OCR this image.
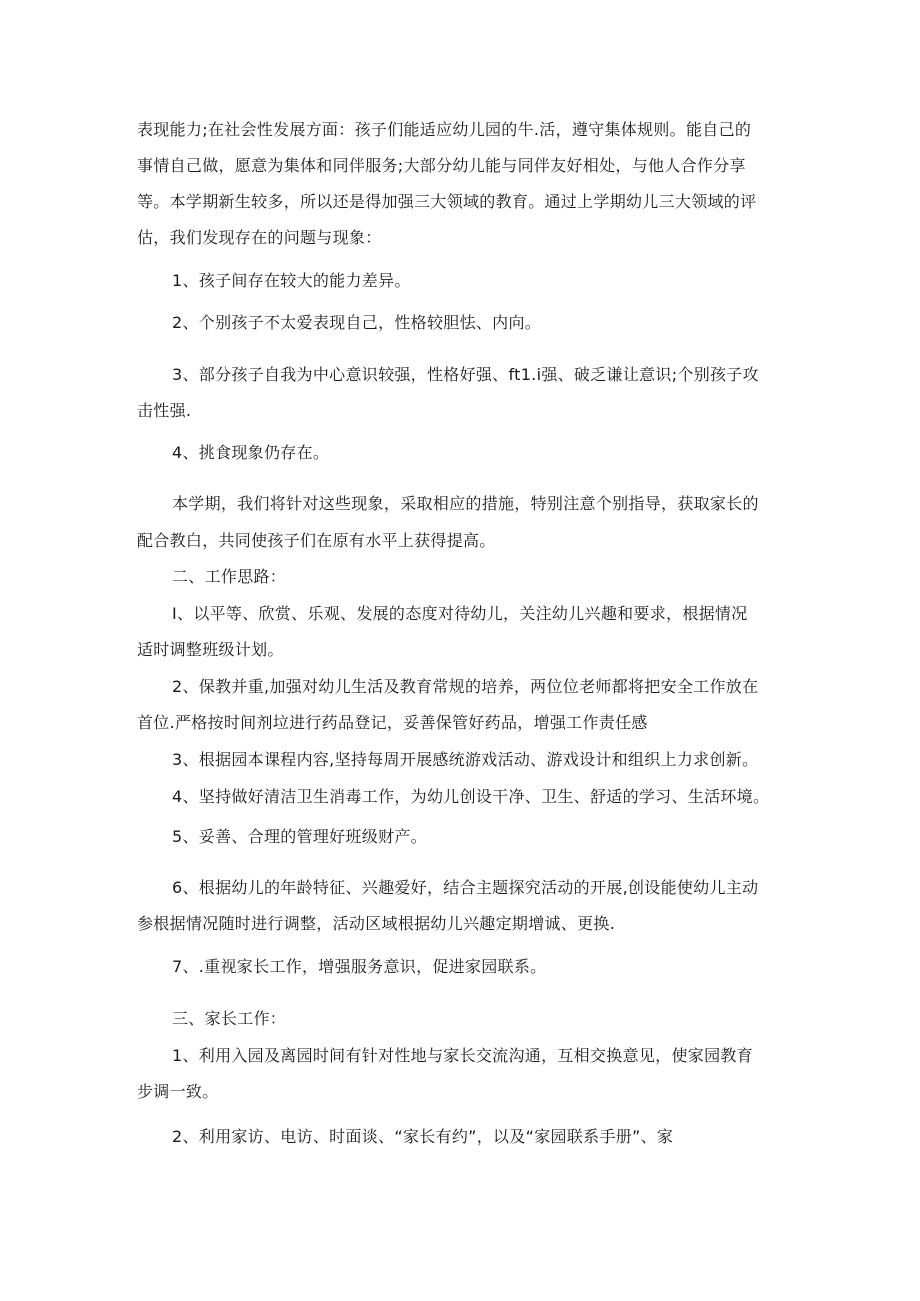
表现能力;在社会性发展方面：孩子们能适应幼儿园的牛.活，遵守集体规则。能自己的
事情自己做，愿意为集体和同伴服务;大部分幼儿能与同伴友好相处，与他人合作分享
等。本学期新生较多，所以还是得加强三大领域的教育。通过上学期幼儿三大领域的评
估，我们发现存在的问题与现象：
1、孩子间存在较大的能力差异。
2、个别孩子不太爱表现自己，性格较胆怯、内向。
3、部分孩子自我为中心意识较强，性格好强、ft1.i强、破乏谦让意识;个别孩子攻
击性强.
4、挑食现象仍存在。
本学期，我们将针对这些现象，采取相应的措施，特别注意个别指导，获取家长的
配合教白，共同使孩子们在原有水平上获得提高。
二、工作思路：
I、以平等、欣赏、乐观、发展的态度对待幼儿，关注幼儿兴趣和要求，根据情况
适时调整班级计划。
2、保教并重,加强对幼儿生活及教育常规的培养，两位位老师都将把安全工作放在
首位.严格按时间剂垃进行药品登记，妥善保管好药品，增强工作责任感
3、根据园本课程内容,坚持每周开展感统游戏活动、游戏设计和组织上力求创新。
4、坚持做好清洁卫生消毒工作，为幼儿创设干净、卫生、舒适的学习、生活环境。
5、妥善、合理的管理好班级财产。
6、根据幼儿的年龄特征、兴趣爱好，结合主题探究活动的开展,创设能使幼儿主动
参根据情况随时进行调整，活动区域根据幼儿兴趣定期增诚、更换.
7、.重视家长工作，增强服务意识，促进家园联系。
三、家长工作：
1、利用入园及离园时间有针对性地与家长交流沟通，互相交换意见，使家园教育
步调一致。
2、利用家访、电访、时面谈、“家长有约”，以及“家园联系手册”、家
